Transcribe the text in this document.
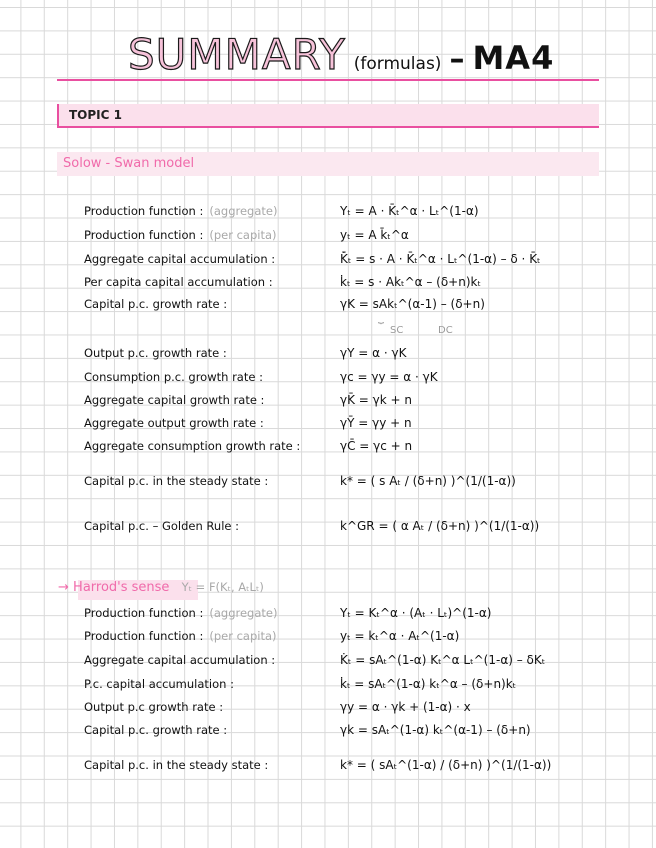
SUMMARY (formulas) – MA4
TOPIC 1
Solow - Swan model
Production function : (aggregate)	Yₜ = A · K̄ₜ^α · Lₜ^(1-α)
Production function : (per capita)	yₜ = A k̄ₜ^α
Aggregate capital accumulation :	K̄̇ₜ = s · A · K̄ₜ^α · Lₜ^(1-α) – δ · K̄ₜ
Per capita capital accumulation :	k̇ₜ = s · Akₜ^α – (δ+n)kₜ
Capital p.c. growth rate :	γK = sAkₜ^(α-1) – (δ+n)
⏟
SC	DC
Output p.c. growth rate :	γY = α · γK
Consumption p.c. growth rate :	γc = γy = α · γK
Aggregate capital growth rate :	γK̄ = γk + n
Aggregate output growth rate :	γȲ = γy + n
Aggregate consumption growth rate :	γC̄ = γc + n
Capital p.c. in the steady state :	k* = ( s Aₜ / (δ+n) )^(1/(1-α))
Capital p.c. – Golden Rule :	k^GR = ( α Aₜ / (δ+n) )^(1/(1-α))
→ Harrod's sense Yₜ = F(Kₜ, AₜLₜ)
Production function : (aggregate)	Yₜ = Kₜ^α · (Aₜ · Lₜ)^(1-α)
Production function : (per capita)	yₜ = kₜ^α · Aₜ^(1-α)
Aggregate capital accumulation :	K̇ₜ = sAₜ^(1-α) Kₜ^α Lₜ^(1-α) – δKₜ
P.c. capital accumulation :	k̇ₜ = sAₜ^(1-α) kₜ^α – (δ+n)kₜ
Output p.c growth rate :	γy = α · γk + (1-α) · x
Capital p.c. growth rate :	γk = sAₜ^(1-α) kₜ^(α-1) – (δ+n)
Capital p.c. in the steady state :	k* = ( sAₜ^(1-α) / (δ+n) )^(1/(1-α))
